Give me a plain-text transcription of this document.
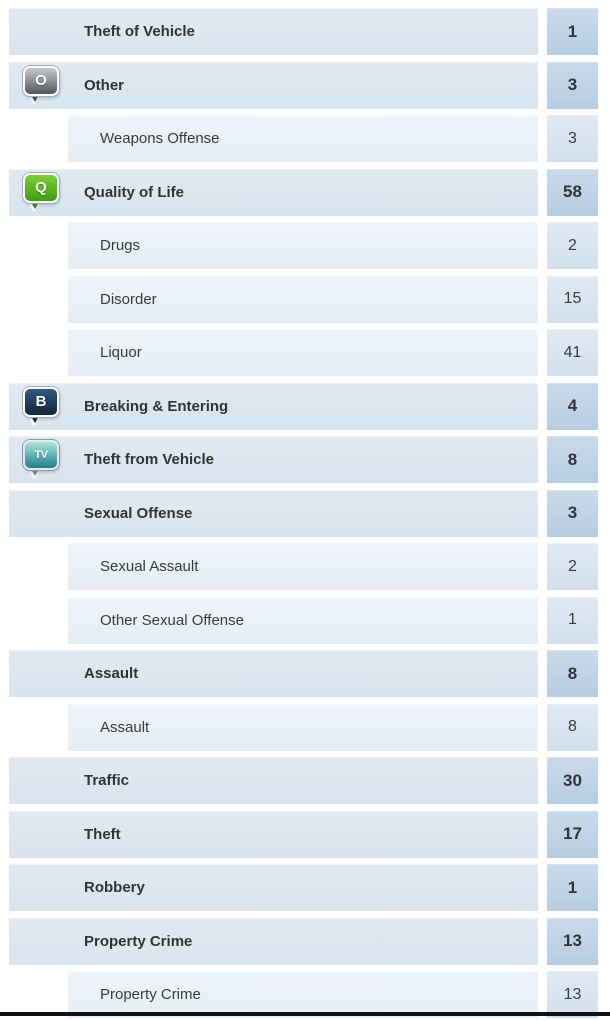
Theft of Vehicle	1
O Other	3
Weapons Offense	3
Q Quality of Life	58
Drugs	2
Disorder	15
Liquor	41
B	Breaking & Entering	4
TV Theft from Vehicle	8
Sexual Offense	3
Sexual Assault	2
Other Sexual Offense	1
Assault	8
Assault	8
Traffic	30
Theft	17
Robbery	1
Property Crime	13
Property Crime	13
